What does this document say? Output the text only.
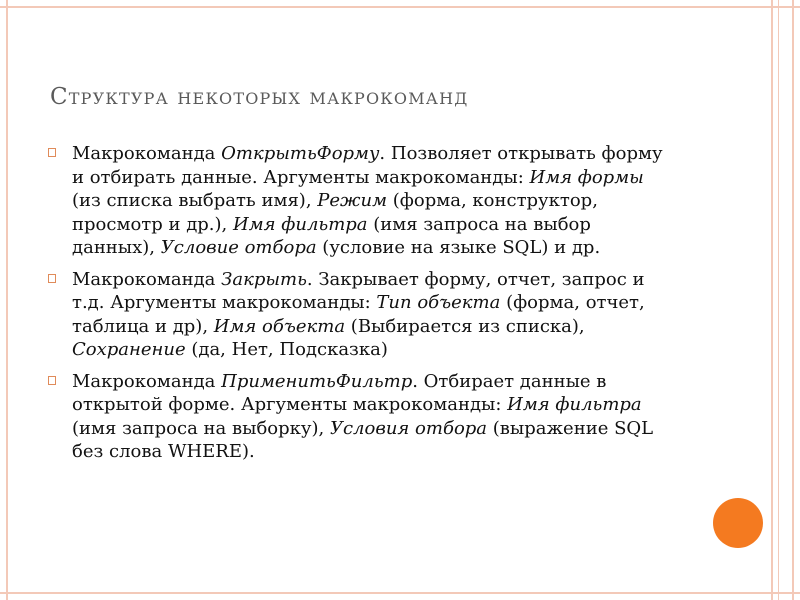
Структура некоторых макрокоманд
Макрокоманда ОткрытьФорму. Позволяет открывать форму и отбирать данные. Аргументы макрокоманды: Имя формы (из списка выбрать имя), Режим (форма, конструктор, просмотр и др.), Имя фильтра (имя запроса на выбор данных), Условие отбора (условие на языке SQL) и др.
Макрокоманда Закрыть. Закрывает форму, отчет, запрос и т.д. Аргументы макрокоманды: Тип объекта (форма, отчет, таблица и др), Имя объекта (Выбирается из списка), Сохранение (да, Нет, Подсказка)
Макрокоманда ПрименитьФильтр. Отбирает данные в открытой форме. Аргументы макрокоманды: Имя фильтра (имя запроса на выборку), Условия отбора (выражение SQL без слова WHERE).
